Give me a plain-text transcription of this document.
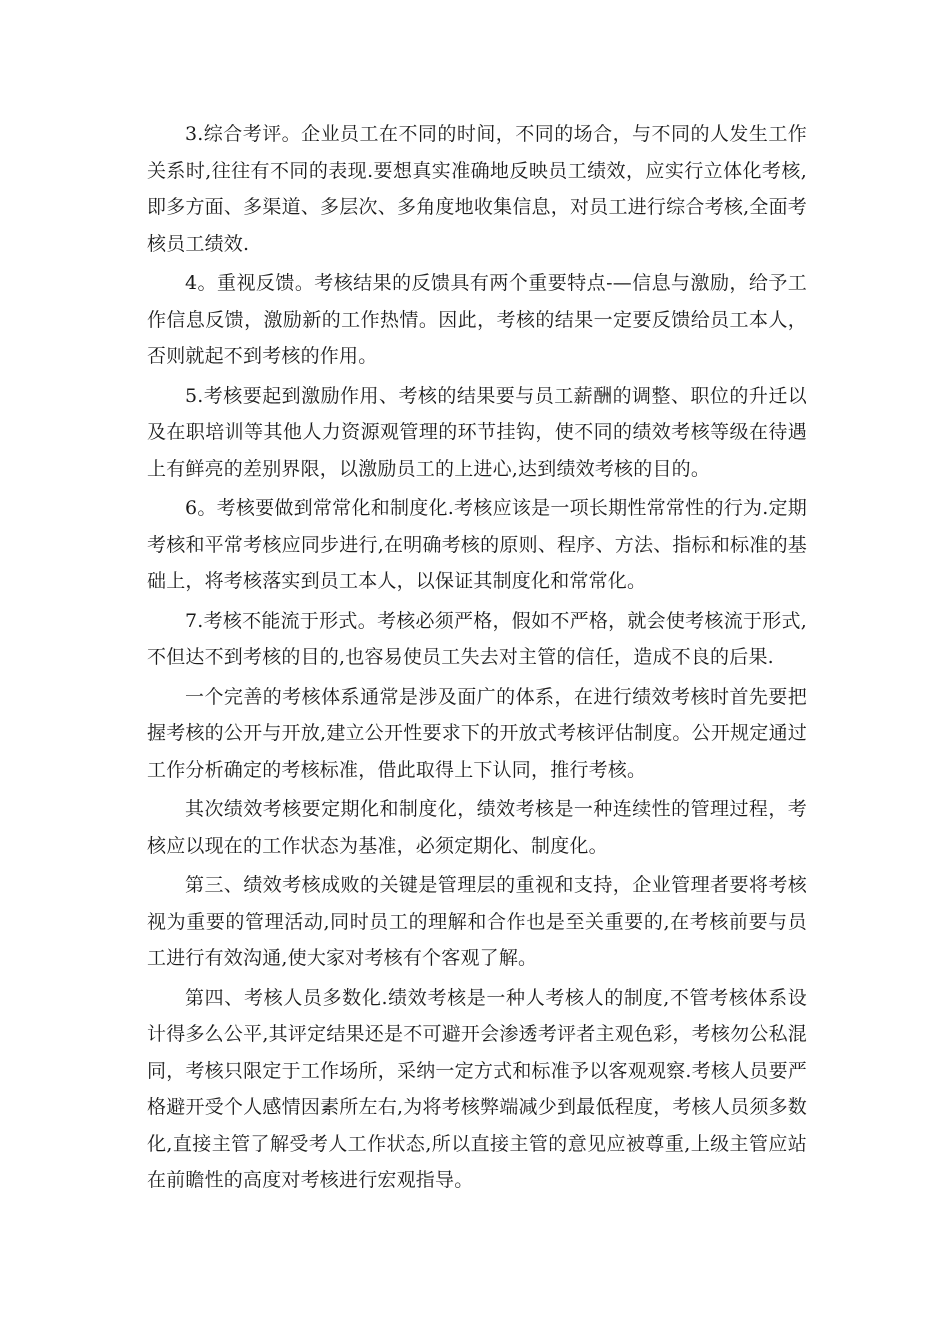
3.综合考评。企业员工在不同的时间，不同的场合，与不同的人发生工作关系时,往往有不同的表现.要想真实准确地反映员工绩效，应实行立体化考核,即多方面、多渠道、多层次、多角度地收集信息，对员工进行综合考核,全面考核员工绩效.

4。重视反馈。考核结果的反馈具有两个重要特点-—信息与激励，给予工作信息反馈，激励新的工作热情。因此，考核的结果一定要反馈给员工本人，否则就起不到考核的作用。

5.考核要起到激励作用、考核的结果要与员工薪酬的调整、职位的升迁以及在职培训等其他人力资源观管理的环节挂钩，使不同的绩效考核等级在待遇上有鲜亮的差别界限，以激励员工的上进心,达到绩效考核的目的。

6。考核要做到常常化和制度化.考核应该是一项长期性常常性的行为.定期考核和平常考核应同步进行,在明确考核的原则、程序、方法、指标和标准的基础上，将考核落实到员工本人，以保证其制度化和常常化。

7.考核不能流于形式。考核必须严格，假如不严格，就会使考核流于形式,不但达不到考核的目的,也容易使员工失去对主管的信任，造成不良的后果.

一个完善的考核体系通常是涉及面广的体系，在进行绩效考核时首先要把握考核的公开与开放,建立公开性要求下的开放式考核评估制度。公开规定通过工作分析确定的考核标准，借此取得上下认同，推行考核。

其次绩效考核要定期化和制度化，绩效考核是一种连续性的管理过程，考核应以现在的工作状态为基准，必须定期化、制度化。

第三、绩效考核成败的关键是管理层的重视和支持，企业管理者要将考核视为重要的管理活动,同时员工的理解和合作也是至关重要的,在考核前要与员工进行有效沟通,使大家对考核有个客观了解。

第四、考核人员多数化.绩效考核是一种人考核人的制度,不管考核体系设计得多么公平,其评定结果还是不可避开会渗透考评者主观色彩，考核勿公私混同，考核只限定于工作场所，采纳一定方式和标准予以客观观察.考核人员要严格避开受个人感情因素所左右,为将考核弊端减少到最低程度，考核人员须多数化,直接主管了解受考人工作状态,所以直接主管的意见应被尊重,上级主管应站在前瞻性的高度对考核进行宏观指导。
